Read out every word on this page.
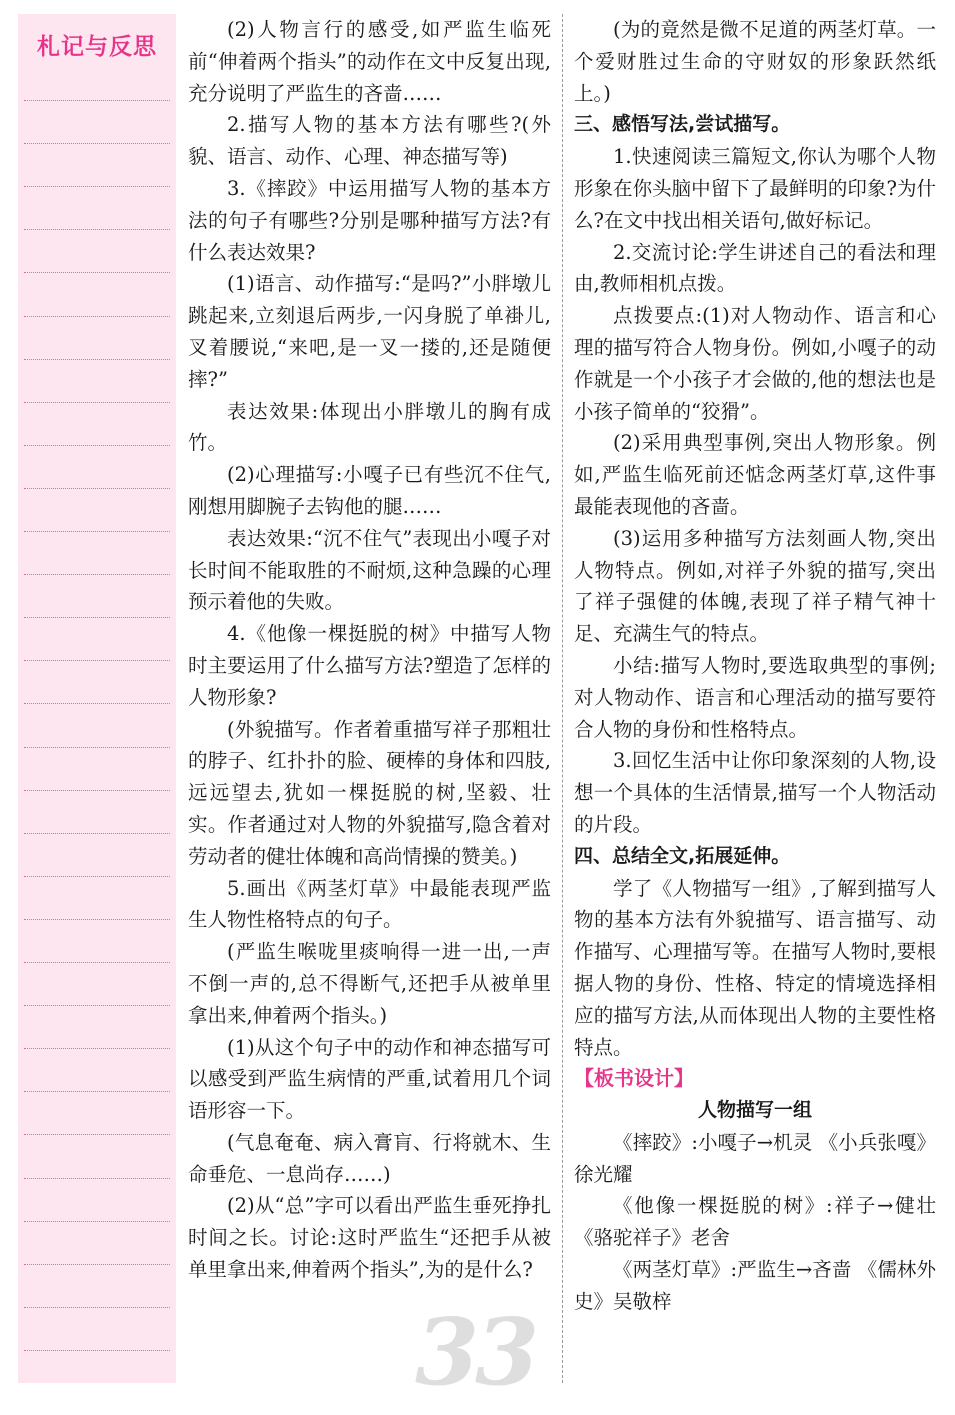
札记与反思

(2)人物言行的感受,如严监生临死前“伸着两个指头”的动作在文中反复出现,充分说明了严监生的吝啬……

2.描写人物的基本方法有哪些?(外貌、语言、动作、心理、神态描写等)

3.《摔跤》中运用描写人物的基本方法的句子有哪些?分别是哪种描写方法?有什么表达效果?

(1)语言、动作描写:“是吗?”小胖墩儿跳起来,立刻退后两步,一闪身脱了单褂儿,叉着腰说,“来吧,是一叉一搂的,还是随便摔?”

表达效果:体现出小胖墩儿的胸有成竹。

(2)心理描写:小嘎子已有些沉不住气,刚想用脚腕子去钩他的腿……

表达效果:“沉不住气”表现出小嘎子对长时间不能取胜的不耐烦,这种急躁的心理预示着他的失败。

4.《他像一棵挺脱的树》中描写人物时主要运用了什么描写方法?塑造了怎样的人物形象?

(外貌描写。作者着重描写祥子那粗壮的脖子、红扑扑的脸、硬棒的身体和四肢,远远望去,犹如一棵挺脱的树,坚毅、壮实。作者通过对人物的外貌描写,隐含着对劳动者的健壮体魄和高尚情操的赞美。)

5.画出《两茎灯草》中最能表现严监生人物性格特点的句子。

(严监生喉咙里痰响得一进一出,一声不倒一声的,总不得断气,还把手从被单里拿出来,伸着两个指头。)

(1)从这个句子中的动作和神态描写可以感受到严监生病情的严重,试着用几个词语形容一下。

(气息奄奄、病入膏肓、行将就木、生命垂危、一息尚存……)

(2)从“总”字可以看出严监生垂死挣扎时间之长。讨论:这时严监生“还把手从被单里拿出来,伸着两个指头”,为的是什么?

(为的竟然是微不足道的两茎灯草。一个爱财胜过生命的守财奴的形象跃然纸上。)

三、感悟写法,尝试描写。

1.快速阅读三篇短文,你认为哪个人物形象在你头脑中留下了最鲜明的印象?为什么?在文中找出相关语句,做好标记。

2.交流讨论:学生讲述自己的看法和理由,教师相机点拨。

点拨要点:(1)对人物动作、语言和心理的描写符合人物身份。例如,小嘎子的动作就是一个小孩子才会做的,他的想法也是小孩子简单的“狡猾”。

(2)采用典型事例,突出人物形象。例如,严监生临死前还惦念两茎灯草,这件事最能表现他的吝啬。

(3)运用多种描写方法刻画人物,突出人物特点。例如,对祥子外貌的描写,突出了祥子强健的体魄,表现了祥子精气神十足、充满生气的特点。

小结:描写人物时,要选取典型的事例;对人物动作、语言和心理活动的描写要符合人物的身份和性格特点。

3.回忆生活中让你印象深刻的人物,设想一个具体的生活情景,描写一个人物活动的片段。

四、总结全文,拓展延伸。

学了《人物描写一组》,了解到描写人物的基本方法有外貌描写、语言描写、动作描写、心理描写等。在描写人物时,要根据人物的身份、性格、特定的情境选择相应的描写方法,从而体现出人物的主要性格特点。

【板书设计】

人物描写一组

《摔跤》:小嘎子→机灵 《小兵张嘎》徐光耀

《他像一棵挺脱的树》:祥子→健壮 《骆驼祥子》老舍

《两茎灯草》:严监生→吝啬 《儒林外史》吴敬梓

33
